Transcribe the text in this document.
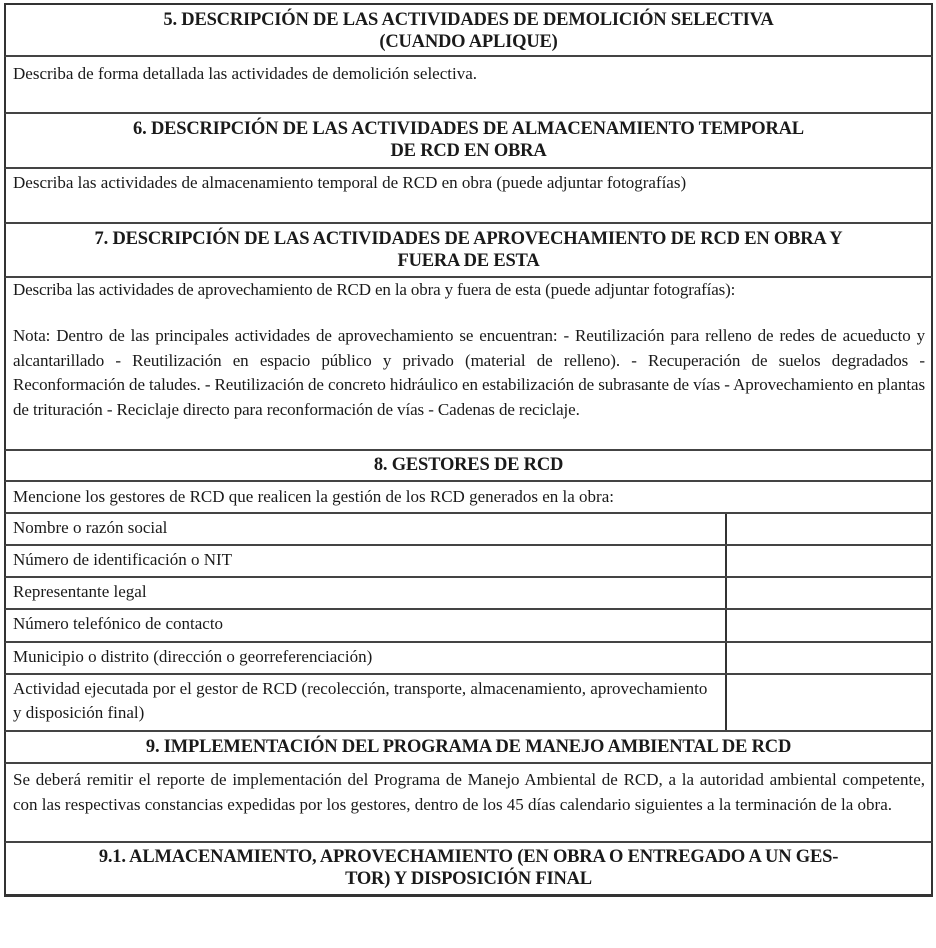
5. DESCRIPCIÓN DE LAS ACTIVIDADES DE DEMOLICIÓN SELECTIVA
(CUANDO APLIQUE)
Describa de forma detallada las actividades de demolición selectiva.
6. DESCRIPCIÓN DE LAS ACTIVIDADES DE ALMACENAMIENTO TEMPORAL
DE RCD EN OBRA
Describa las actividades de almacenamiento temporal de RCD en obra (puede adjuntar fotografías)
7. DESCRIPCIÓN DE LAS ACTIVIDADES DE APROVECHAMIENTO DE RCD EN OBRA Y
FUERA DE ESTA
Describa las actividades de aprovechamiento de RCD en la obra y fuera de esta (puede adjuntar fotografías):
Nota: Dentro de las principales actividades de aprovechamiento se encuentran: - Reutilización para relleno de redes de acueducto y alcantarillado - Reutilización en espacio público y privado (material de relleno). - Recuperación de suelos degradados - Reconformación de taludes. - Reutilización de concreto hidráulico en estabilización de subrasante de vías - Aprovechamiento en plantas de trituración - Reciclaje directo para reconformación de vías - Cadenas de reciclaje.
8. GESTORES DE RCD
Mencione los gestores de RCD que realicen la gestión de los RCD generados en la obra:
Nombre o razón social
Número de identificación o NIT
Representante legal
Número telefónico de contacto
Municipio o distrito (dirección o georreferenciación)
Actividad ejecutada por el gestor de RCD (recolección, transporte, almacenamiento, aprovechamiento y disposición final)
9. IMPLEMENTACIÓN DEL PROGRAMA DE MANEJO AMBIENTAL DE RCD
Se deberá remitir el reporte de implementación del Programa de Manejo Ambiental de RCD, a la autoridad ambiental competente, con las respectivas constancias expedidas por los gestores, dentro de los 45 días calendario siguientes a la terminación de la obra.
9.1. ALMACENAMIENTO, APROVECHAMIENTO (EN OBRA O ENTREGADO A UN GES-
TOR) Y DISPOSICIÓN FINAL
